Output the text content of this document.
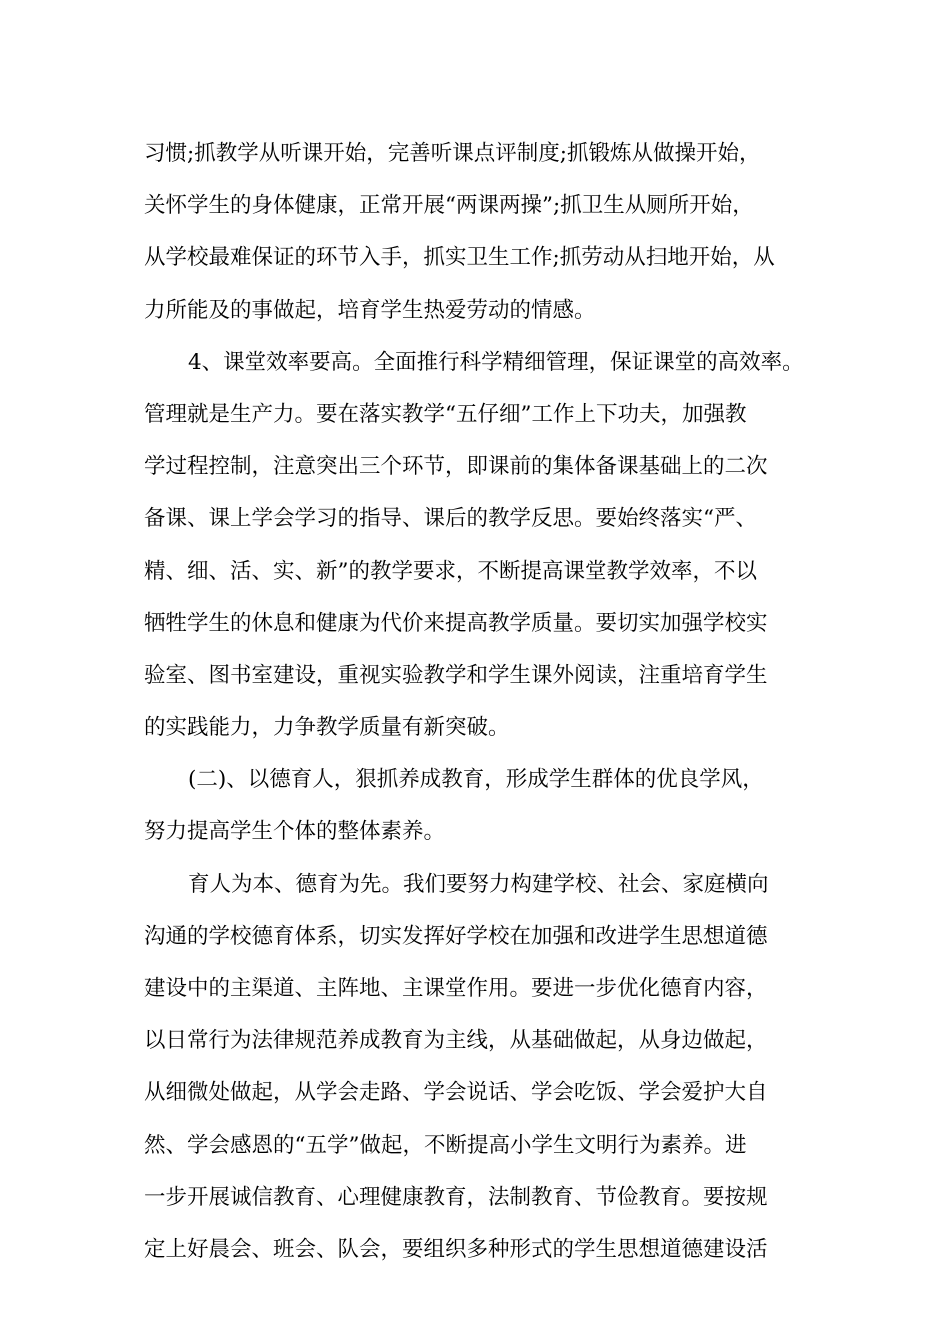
习惯;抓教学从听课开始，完善听课点评制度;抓锻炼从做操开始，
关怀学生的身体健康，正常开展“两课两操”;抓卫生从厕所开始，
从学校最难保证的环节入手，抓实卫生工作;抓劳动从扫地开始，从
力所能及的事做起，培育学生热爱劳动的情感。
4、课堂效率要高。全面推行科学精细管理，保证课堂的高效率。
管理就是生产力。要在落实教学“五仔细”工作上下功夫，加强教
学过程控制，注意突出三个环节，即课前的集体备课基础上的二次
备课、课上学会学习的指导、课后的教学反思。要始终落实“严、
精、细、活、实、新”的教学要求，不断提高课堂教学效率，不以
牺牲学生的休息和健康为代价来提高教学质量。要切实加强学校实
验室、图书室建设，重视实验教学和学生课外阅读，注重培育学生
的实践能力，力争教学质量有新突破。
(二)、以德育人，狠抓养成教育，形成学生群体的优良学风，
努力提高学生个体的整体素养。
育人为本、德育为先。我们要努力构建学校、社会、家庭横向
沟通的学校德育体系，切实发挥好学校在加强和改进学生思想道德
建设中的主渠道、主阵地、主课堂作用。要进一步优化德育内容，
以日常行为法律规范养成教育为主线，从基础做起，从身边做起，
从细微处做起，从学会走路、学会说话、学会吃饭、学会爱护大自
然、学会感恩的“五学”做起，不断提高小学生文明行为素养。进
一步开展诚信教育、心理健康教育，法制教育、节俭教育。要按规
定上好晨会、班会、队会，要组织多种形式的学生思想道德建设活
